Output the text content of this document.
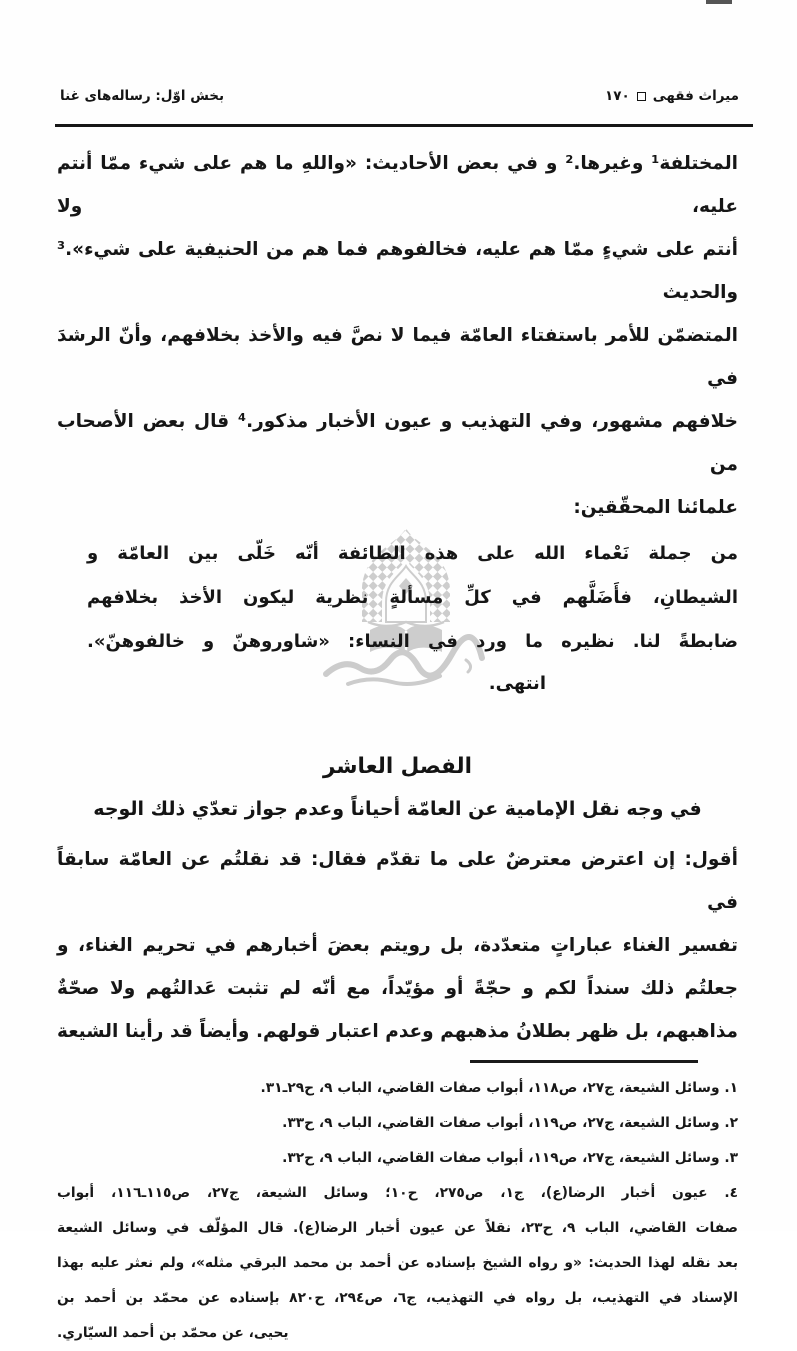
بخش اوّل: رساله‌های غنا	۱۷۰ میراث فقهی
المختلفة¹ وغيرها.² و في بعض الأحاديث: «واللهِ ما هم على شيء ممّا أنتم عليه، ولا
أنتم على شيءٍ ممّا هم عليه، فخالفوهم فما هم من الحنيفية على شيء».³ والحديث
المتضمّن للأمر باستفتاء العامّة فيما لا نصَّ فيه والأخذ بخلافهم، وأنّ الرشدَ في
خلافهم مشهور، وفي التهذيب و عيون الأخبار مذكور.⁴ قال بعض الأصحاب من
علمائنا المحقّقين:
من جملة نَعْماء الله على هذه الطائفة أنّه خَلّى بين العامّة و
الشيطانِ، فأَضَلَّهم في كلِّ مسألةٍ نظرية ليكون الأخذ بخلافهم
ضابطةً لنا. نظيره ما ورد في النساء: «شاوروهنّ و خالفوهنّ».
انتهى.
الفصل العاشر
في وجه نقل الإمامية عن العامّة أحياناً وعدم جواز تعدّي ذلك الوجه
أقول: إن اعترض معترضٌ على ما تقدّم فقال: قد نقلتُم عن العامّة سابقاً في
تفسير الغناء عباراتٍ متعدّدة، بل رويتم بعضَ أخبارهم في تحريم الغناء، و
جعلتُم ذلك سنداً لكم و حجّةً أو مؤيّداً، مع أنّه لم تثبت عَدالتُهم ولا صحّةٌ
مذاهبهم، بل ظهر بطلانُ مذهبهم وعدم اعتبار قولهم. وأيضاً قد رأينا الشيعة
١. وسائل الشيعة، ج٢٧، ص١١٨، أبواب صفات القاضي، الباب ٩، ح٢٩ـ٣١.
٢. وسائل الشيعة، ج٢٧، ص١١٩، أبواب صفات القاضي، الباب ٩، ح٣٣.
٣. وسائل الشيعة، ج٢٧، ص١١٩، أبواب صفات القاضي، الباب ٩، ح٣٢.
٤. عيون أخبار الرضا(ع)، ج١، ص٢٧٥، ح١٠؛ وسائل الشيعة، ج٢٧، ص١١٥ـ١١٦، أبواب
صفات القاضي، الباب ٩، ح٢٣، نقلاً عن عيون أخبار الرضا(ع). قال المؤلّف في وسائل الشيعة
بعد نقله لهذا الحديث: «و رواه الشيخ بإسناده عن أحمد بن محمد البرقي مثله»، ولم نعثر عليه بهذا
الإسناد في التهذيب، بل رواه في التهذيب، ج٦، ص٢٩٤، ح٨٢٠ بإسناده عن محمّد بن أحمد بن
يحيى، عن محمّد بن أحمد السيّاري.
